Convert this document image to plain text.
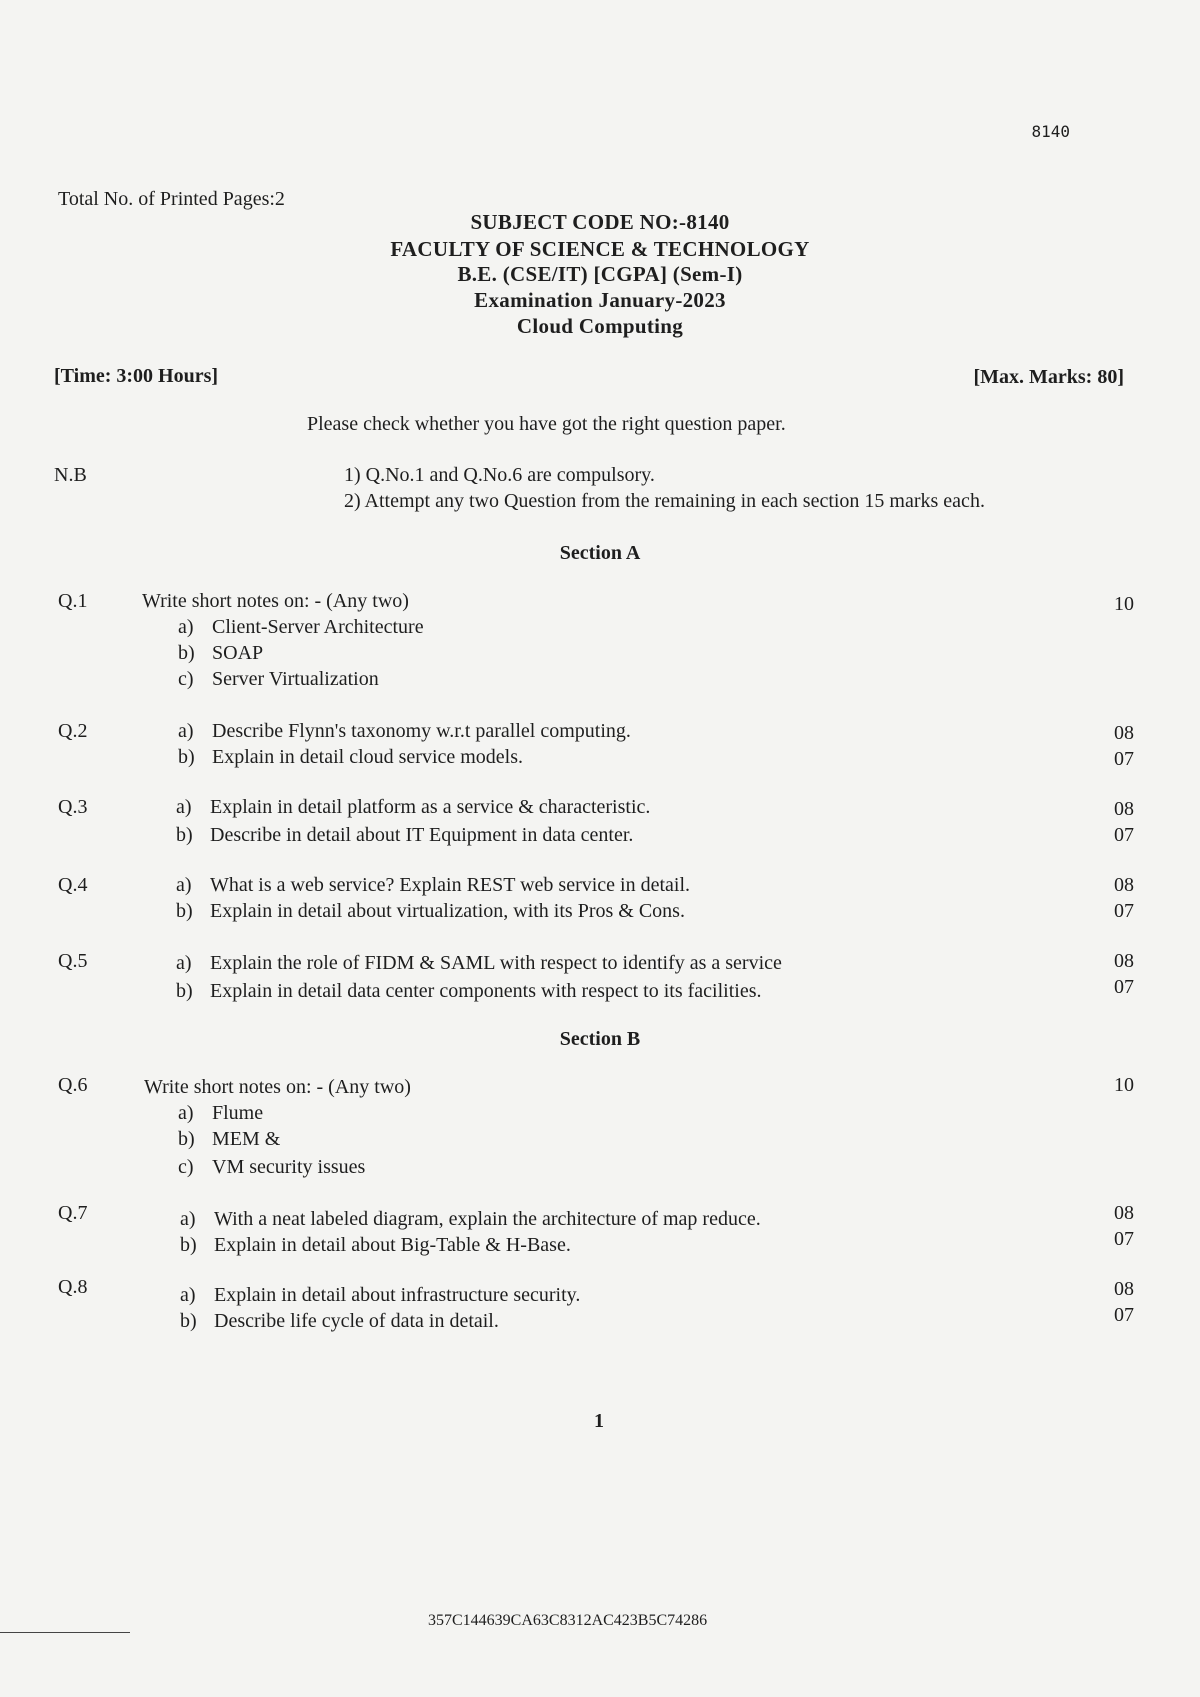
8140
Total No. of Printed Pages:2
SUBJECT CODE NO:-8140
FACULTY OF SCIENCE & TECHNOLOGY
B.E. (CSE/IT) [CGPA] (Sem-I)
Examination January-2023
Cloud Computing
[Time: 3:00 Hours]	[Max. Marks: 80]
Please check whether you have got the right question paper.
N.B	1) Q.No.1 and Q.No.6 are compulsory.
2) Attempt any two Question from the remaining in each section 15 marks each.
Section A
Q.1	Write short notes on: - (Any two)	10
a) Client-Server Architecture
b) SOAP
c) Server Virtualization
Q.2	a) Describe Flynn's taxonomy w.r.t parallel computing.	08
b) Explain in detail cloud service models.	07
Q.3	a) Explain in detail platform as a service & characteristic.	08
b) Describe in detail about IT Equipment in data center.	07
Q.4	a) What is a web service? Explain REST web service in detail.	08
b) Explain in detail about virtualization, with its Pros & Cons.	07
Q.5	a) Explain the role of FIDM & SAML with respect to identify as a service	08
b) Explain in detail data center components with respect to its facilities.	07
Section B
Q.6	Write short notes on: - (Any two)	10
a) Flume
b) MEM &
c) VM security issues
Q.7	a) With a neat labeled diagram, explain the architecture of map reduce.	08
b) Explain in detail about Big-Table & H-Base.	07
Q.8	a) Explain in detail about infrastructure security.	08
b) Describe life cycle of data in detail.	07
1
357C144639CA63C8312AC423B5C74286
